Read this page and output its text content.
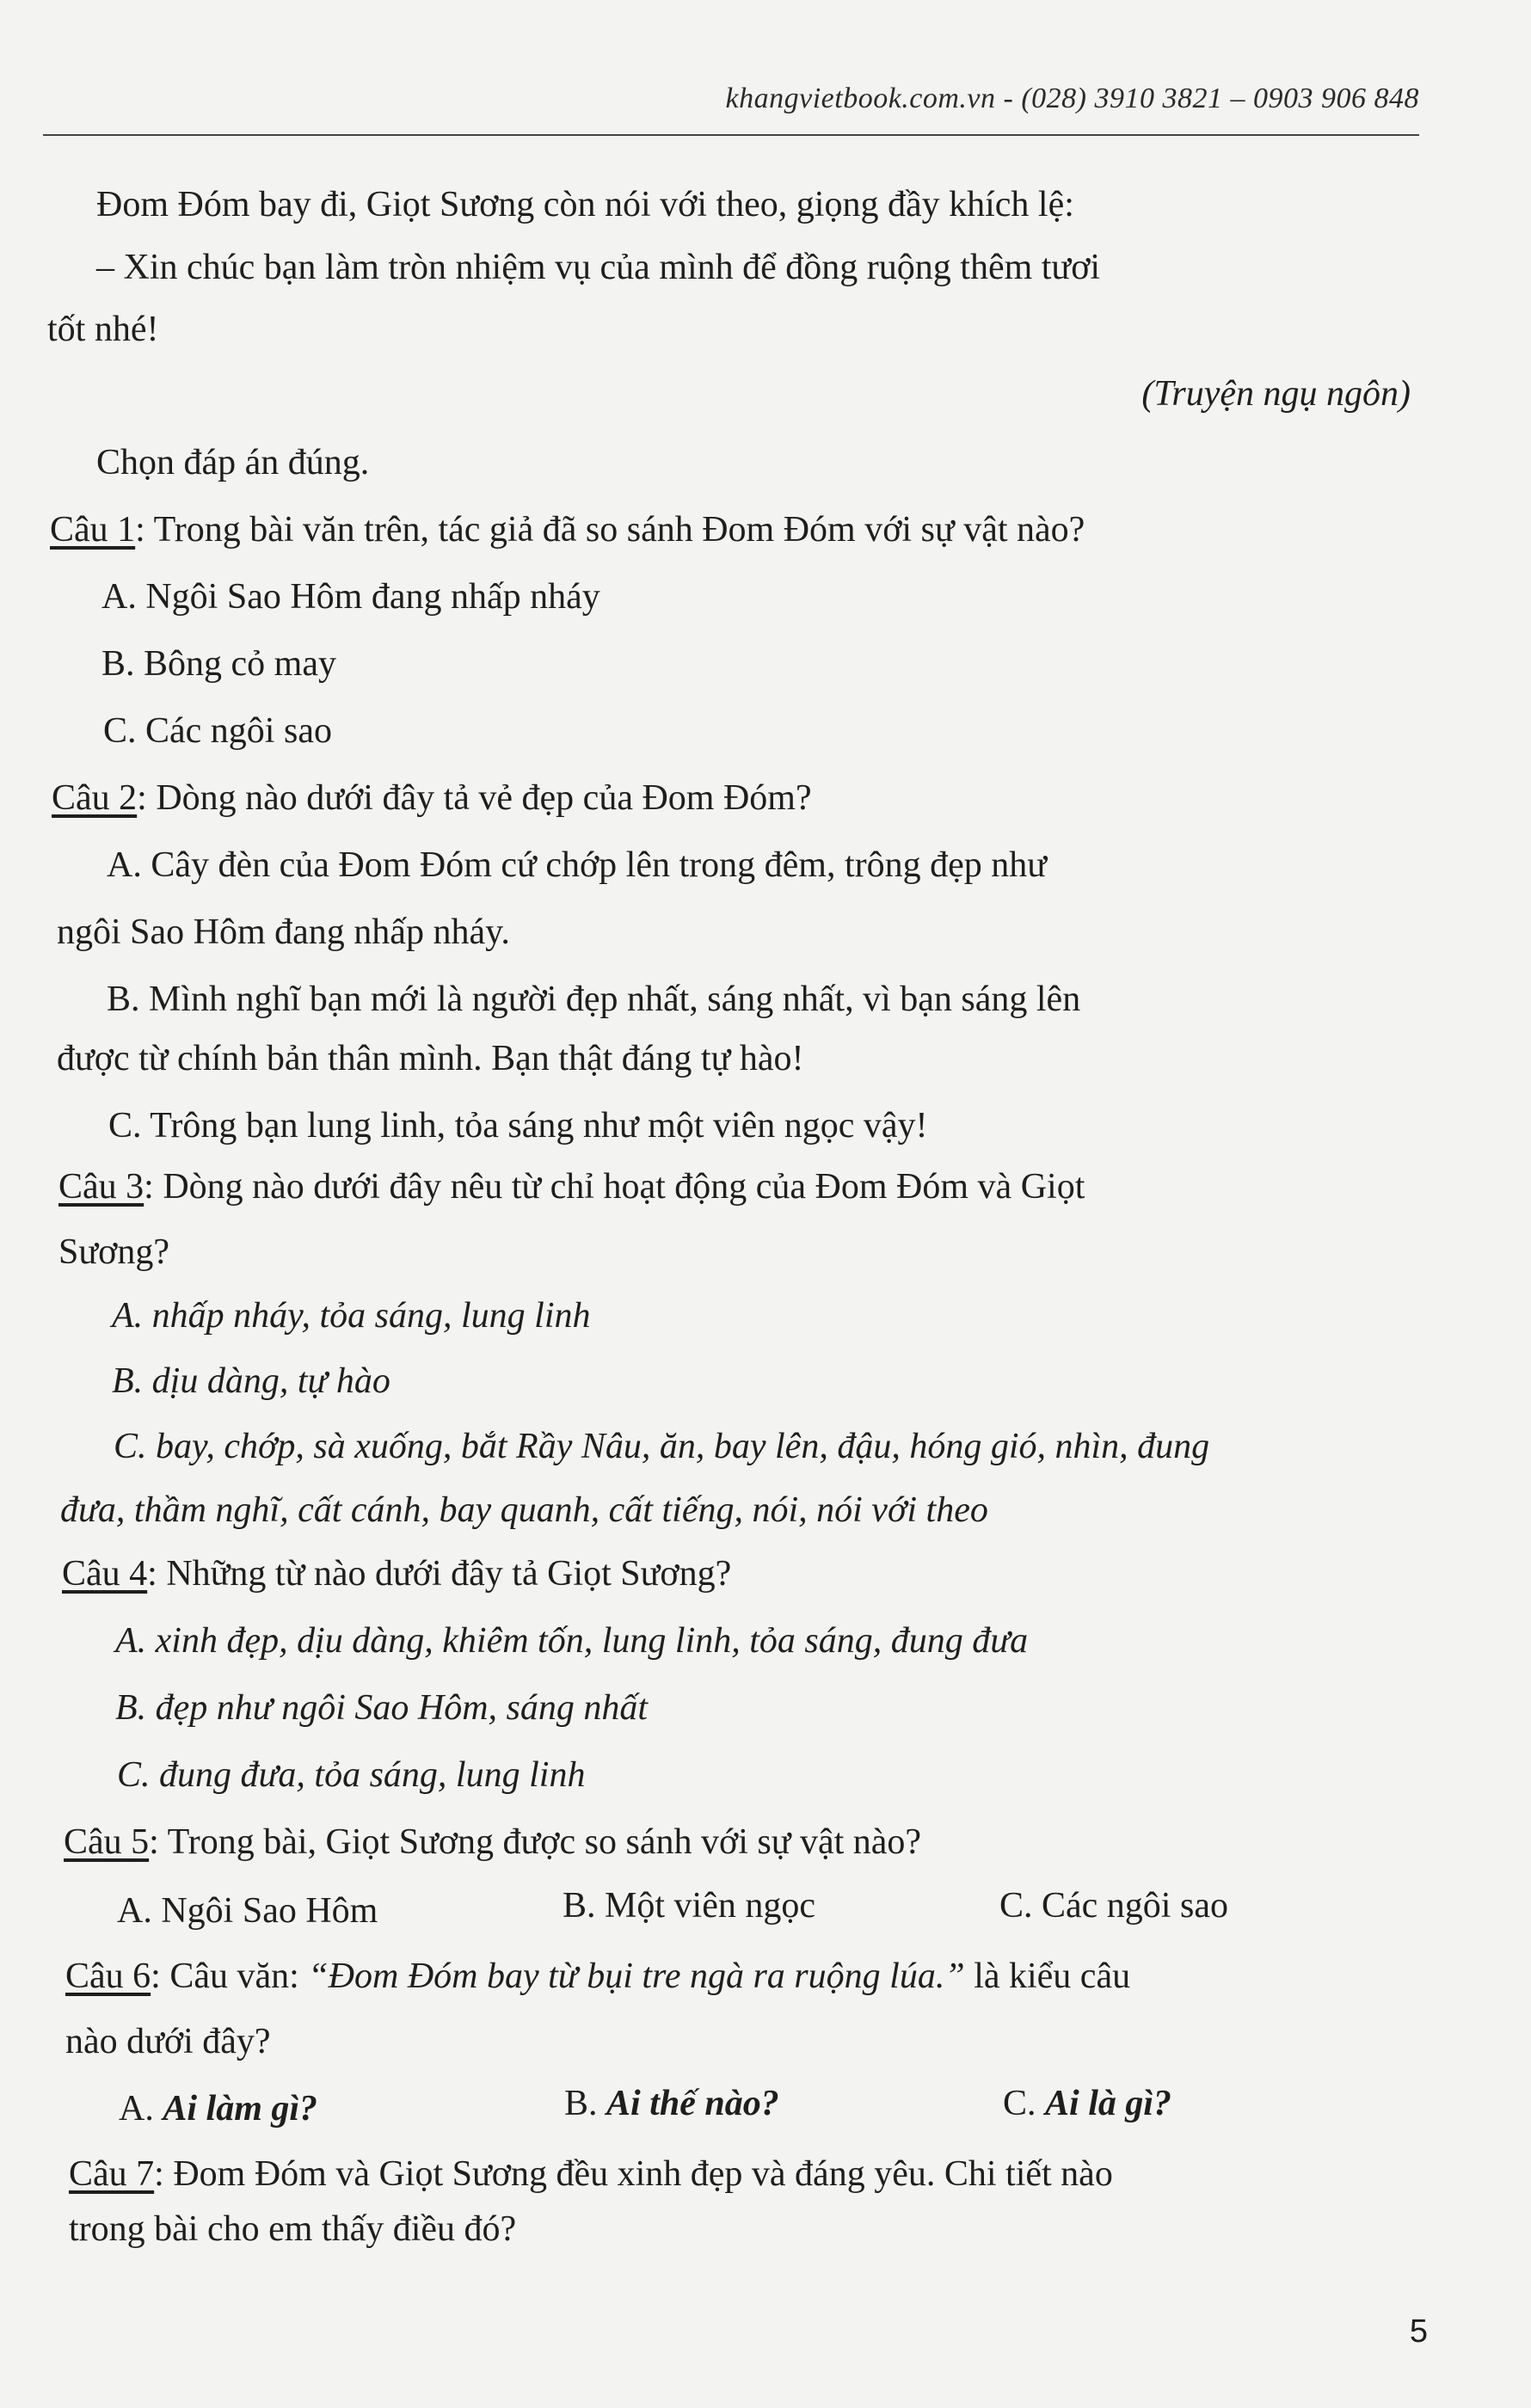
khangvietbook.com.vn - (028) 3910 3821 – 0903 906 848
Đom Đóm bay đi, Giọt Sương còn nói với theo, giọng đầy khích lệ:
– Xin chúc bạn làm tròn nhiệm vụ của mình để đồng ruộng thêm tươi
tốt nhé!
(Truyện ngụ ngôn)
Chọn đáp án đúng.
Câu 1: Trong bài văn trên, tác giả đã so sánh Đom Đóm với sự vật nào?
A. Ngôi Sao Hôm đang nhấp nháy
B. Bông cỏ may
C. Các ngôi sao
Câu 2: Dòng nào dưới đây tả vẻ đẹp của Đom Đóm?
A. Cây đèn của Đom Đóm cứ chớp lên trong đêm, trông đẹp như
ngôi Sao Hôm đang nhấp nháy.
B. Mình nghĩ bạn mới là người đẹp nhất, sáng nhất, vì bạn sáng lên
được từ chính bản thân mình. Bạn thật đáng tự hào!
C. Trông bạn lung linh, tỏa sáng như một viên ngọc vậy!
Câu 3: Dòng nào dưới đây nêu từ chỉ hoạt động của Đom Đóm và Giọt
Sương?
A. nhấp nháy, tỏa sáng, lung linh
B. dịu dàng, tự hào
C. bay, chớp, sà xuống, bắt Rầy Nâu, ăn, bay lên, đậu, hóng gió, nhìn, đung
đưa, thầm nghĩ, cất cánh, bay quanh, cất tiếng, nói, nói với theo
Câu 4: Những từ nào dưới đây tả Giọt Sương?
A. xinh đẹp, dịu dàng, khiêm tốn, lung linh, tỏa sáng, đung đưa
B. đẹp như ngôi Sao Hôm, sáng nhất
C. đung đưa, tỏa sáng, lung linh
Câu 5: Trong bài, Giọt Sương được so sánh với sự vật nào?
A. Ngôi Sao Hôm	B. Một viên ngọc	C. Các ngôi sao
Câu 6: Câu văn: “Đom Đóm bay từ bụi tre ngà ra ruộng lúa.” là kiểu câu
nào dưới đây?
A. Ai làm gì?	B. Ai thế nào?	C. Ai là gì?
Câu 7: Đom Đóm và Giọt Sương đều xinh đẹp và đáng yêu. Chi tiết nào
trong bài cho em thấy điều đó?
5
